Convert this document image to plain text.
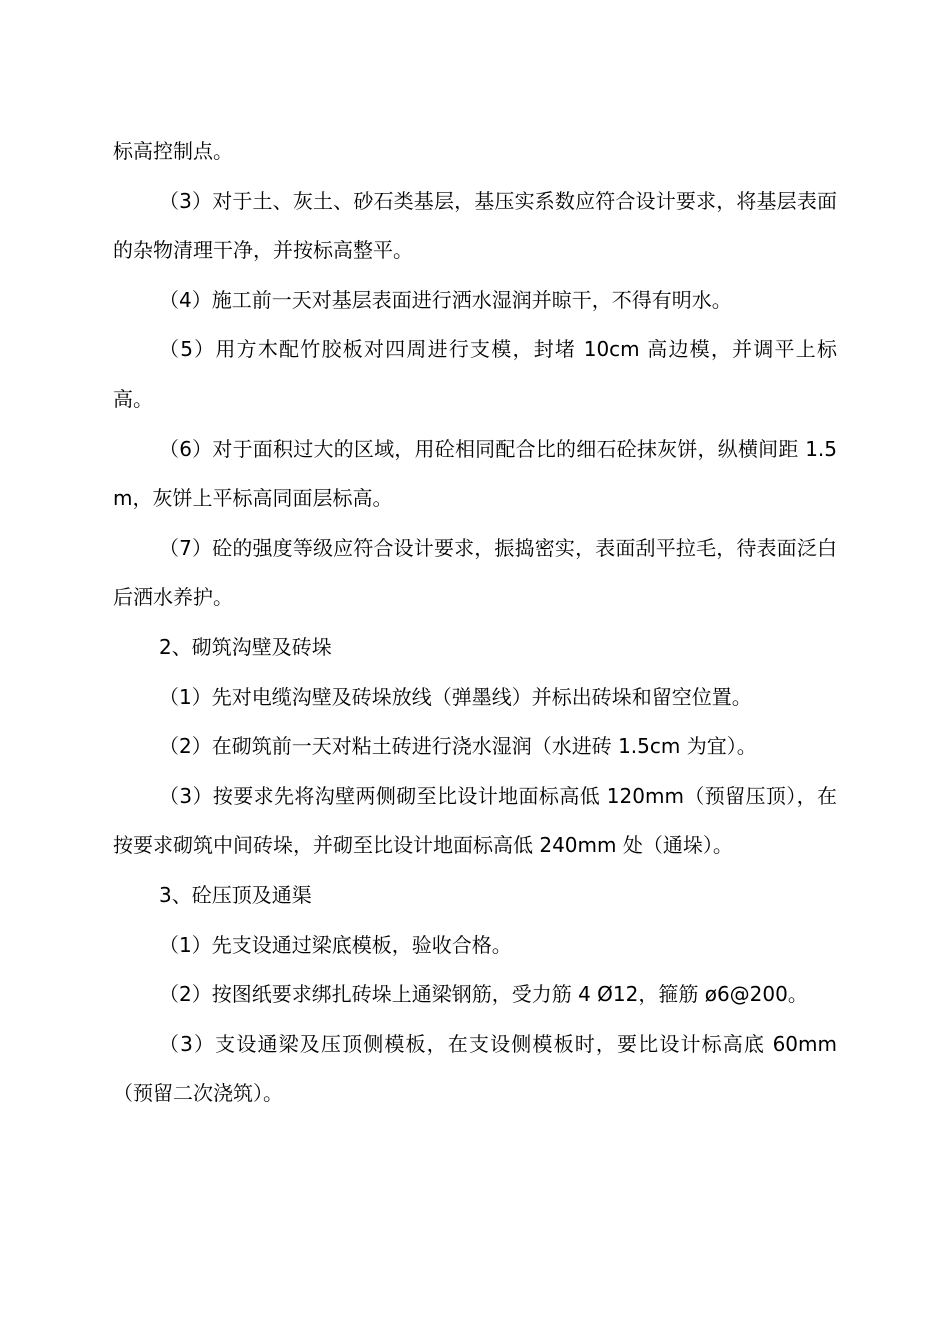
标高控制点。

（3）对于土、灰土、砂石类基层，基压实系数应符合设计要求，将基层表面的杂物清理干净，并按标高整平。

（4）施工前一天对基层表面进行洒水湿润并晾干，不得有明水。

（5）用方木配竹胶板对四周进行支模，封堵 10cm 高边模，并调平上标高。

（6）对于面积过大的区域，用砼相同配合比的细石砼抹灰饼，纵横间距 1.5m，灰饼上平标高同面层标高。

（7）砼的强度等级应符合设计要求，振捣密实，表面刮平拉毛，待表面泛白后洒水养护。

2、砌筑沟壁及砖垛

（1）先对电缆沟壁及砖垛放线（弹墨线）并标出砖垛和留空位置。

（2）在砌筑前一天对粘土砖进行浇水湿润（水进砖 1.5cm 为宜）。

（3）按要求先将沟壁两侧砌至比设计地面标高低 120mm（预留压顶），在按要求砌筑中间砖垛，并砌至比设计地面标高低 240mm 处（通垛）。

3、砼压顶及通渠

（1）先支设通过梁底模板，验收合格。

（2）按图纸要求绑扎砖垛上通梁钢筋，受力筋 4 Ø12，箍筋 ø6@200。

（3）支设通梁及压顶侧模板，在支设侧模板时，要比设计标高底 60mm（预留二次浇筑）。
